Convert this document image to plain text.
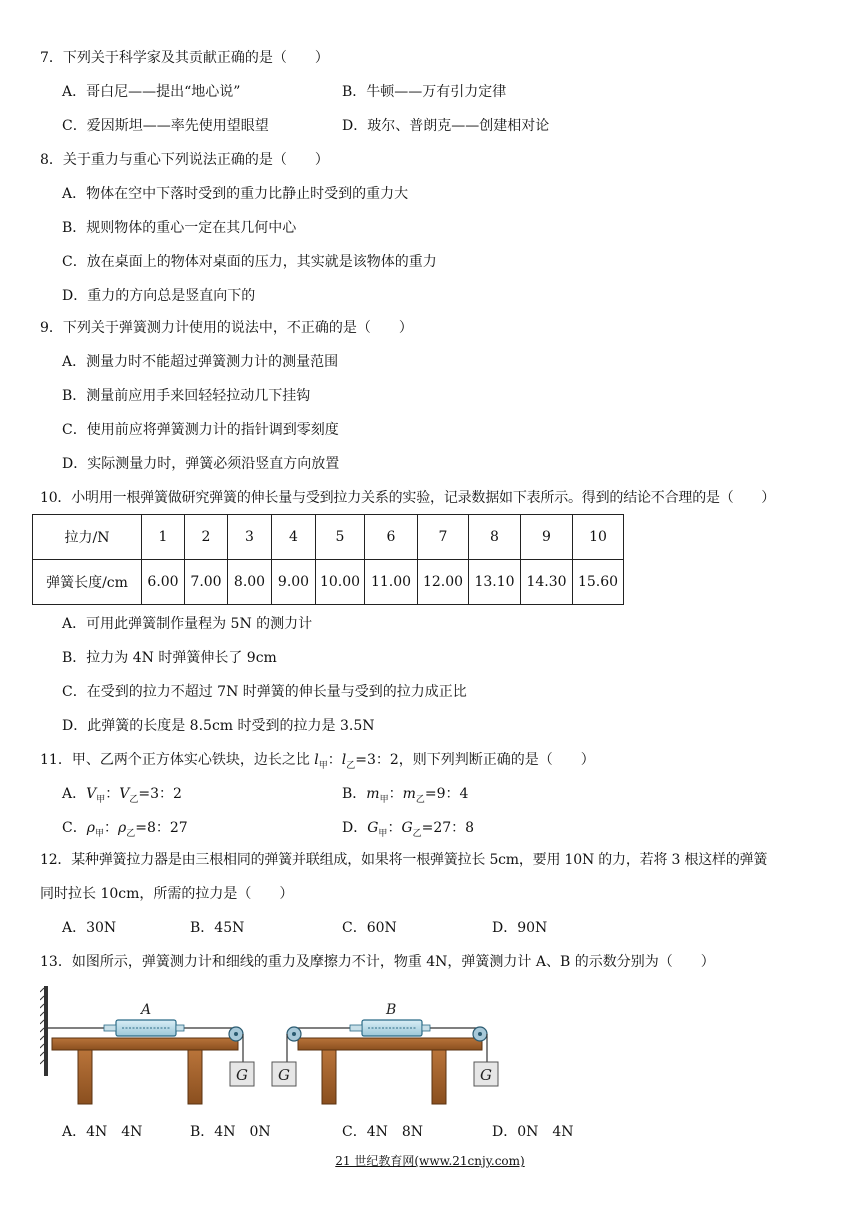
7．下列关于科学家及其贡献正确的是（　　）
A．哥白尼——提出“地心说”	B．牛顿——万有引力定律
C．爱因斯坦——率先使用望眼望	D．玻尔、普朗克——创建相对论
8．关于重力与重心下列说法正确的是（　　）
A．物体在空中下落时受到的重力比静止时受到的重力大
B．规则物体的重心一定在其几何中心
C．放在桌面上的物体对桌面的压力，其实就是该物体的重力
D．重力的方向总是竖直向下的
9．下列关于弹簧测力计使用的说法中，不正确的是（　　）
A．测量力时不能超过弹簧测力计的测量范围
B．测量前应用手来回轻轻拉动几下挂钩
C．使用前应将弹簧测力计的指针调到零刻度
D．实际测量力时，弹簧必须沿竖直方向放置
10．小明用一根弹簧做研究弹簧的伸长量与受到拉力关系的实验，记录数据如下表所示。得到的结论不合理的是（　　）
拉力/N	1	2	3	4	5	6	7	8	9	10
弹簧长度/cm	6.00	7.00	8.00	9.00	10.00	11.00	12.00	13.10	14.30	15.60
A．可用此弹簧制作量程为 5N 的测力计
B．拉力为 4N 时弹簧伸长了 9cm
C．在受到的拉力不超过 7N 时弹簧的伸长量与受到的拉力成正比
D．此弹簧的长度是 8.5cm 时受到的拉力是 3.5N
11．甲、乙两个正方体实心铁块，边长之比 $l_甲$：$l_乙=3$：2，则下列判断正确的是（　　）
A．$V_甲$：$V_乙=3$：2	B．$m_甲$：$m_乙=9$：4
C．$\rho_甲$：$\rho_乙=8$：27	D．$G_甲$：$G_乙=27$：8
12．某种弹簧拉力器是由三根相同的弹簧并联组成，如果将一根弹簧拉长 5cm，要用 10N 的力，若将 3 根这样的弹簧
同时拉长 10cm，所需的拉力是（　　）
A．30N	B．45N	C．60N	D．90N
13．如图所示，弹簧测力计和细线的重力及摩擦力不计，物重 4N，弹簧测力计 A、B 的示数分别为（　　）
A
G
B
G	G
A．4N　4N	B．4N　0N	C．4N　8N	D．0N　4N
21 世纪教育网(www.21cnjy.com)
